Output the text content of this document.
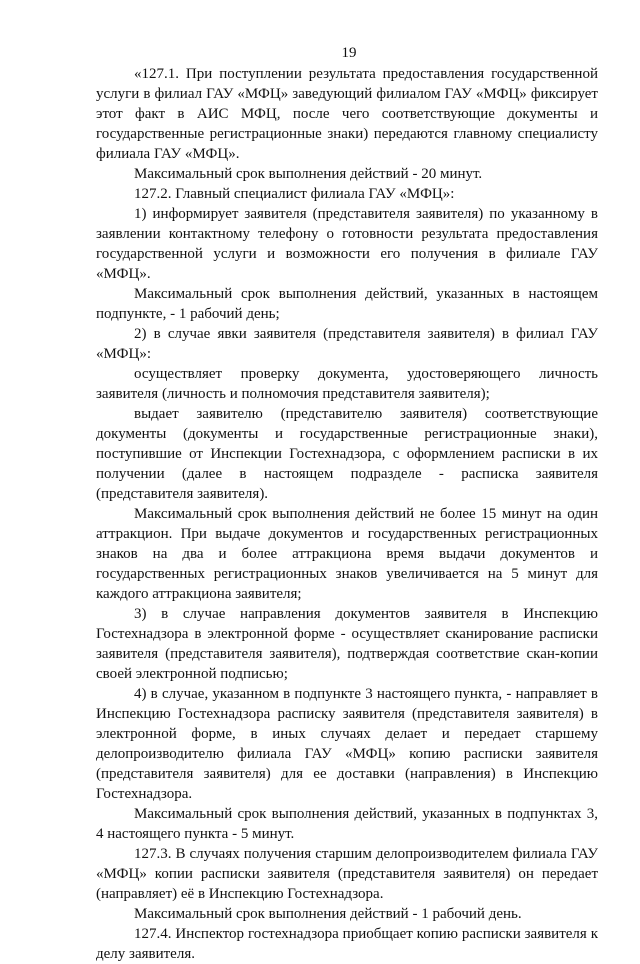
19

«127.1. При поступлении результата предоставления государственной услуги в филиал ГАУ «МФЦ» заведующий филиалом ГАУ «МФЦ» фиксирует этот факт в АИС МФЦ, после чего соответствующие документы и государственные регистрационные знаки) передаются главному специалисту филиала ГАУ «МФЦ».

Максимальный срок выполнения действий - 20 минут.

127.2. Главный специалист филиала ГАУ «МФЦ»:

1) информирует заявителя (представителя заявителя) по указанному в заявлении контактному телефону о готовности результата предоставления государственной услуги и возможности его получения в филиале ГАУ «МФЦ».

Максимальный срок выполнения действий, указанных в настоящем подпункте, - 1 рабочий день;

2) в случае явки заявителя (представителя заявителя) в филиал ГАУ «МФЦ»:

осуществляет проверку документа, удостоверяющего личность заявителя (личность и полномочия представителя заявителя);

выдает заявителю (представителю заявителя) соответствующие документы (документы и государственные регистрационные знаки), поступившие от Инспекции Гостехнадзора, с оформлением расписки в их получении (далее в настоящем подразделе - расписка заявителя (представителя заявителя).

Максимальный срок выполнения действий не более 15 минут на один аттракцион. При выдаче документов и государственных регистрационных знаков на два и более аттракциона время выдачи документов и государственных регистрационных знаков увеличивается на 5 минут для каждого аттракциона заявителя;

3) в случае направления документов заявителя в Инспекцию Гостехнадзора в электронной форме - осуществляет сканирование расписки заявителя (представителя заявителя), подтверждая соответствие скан-копии своей электронной подписью;

4) в случае, указанном в подпункте 3 настоящего пункта, - направляет в Инспекцию Гостехнадзора расписку заявителя (представителя заявителя) в электронной форме, в иных случаях делает и передает старшему делопроизводителю филиала ГАУ «МФЦ» копию расписки заявителя (представителя заявителя) для ее доставки (направления) в Инспекцию Гостехнадзора.

Максимальный срок выполнения действий, указанных в подпунктах 3, 4 настоящего пункта - 5 минут.

127.3. В случаях получения старшим делопроизводителем филиала ГАУ «МФЦ» копии расписки заявителя (представителя заявителя) он передает (направляет) её в Инспекцию Гостехнадзора.

Максимальный срок выполнения действий - 1 рабочий день.

127.4. Инспектор гостехнадзора приобщает копию расписки заявителя к делу заявителя.
